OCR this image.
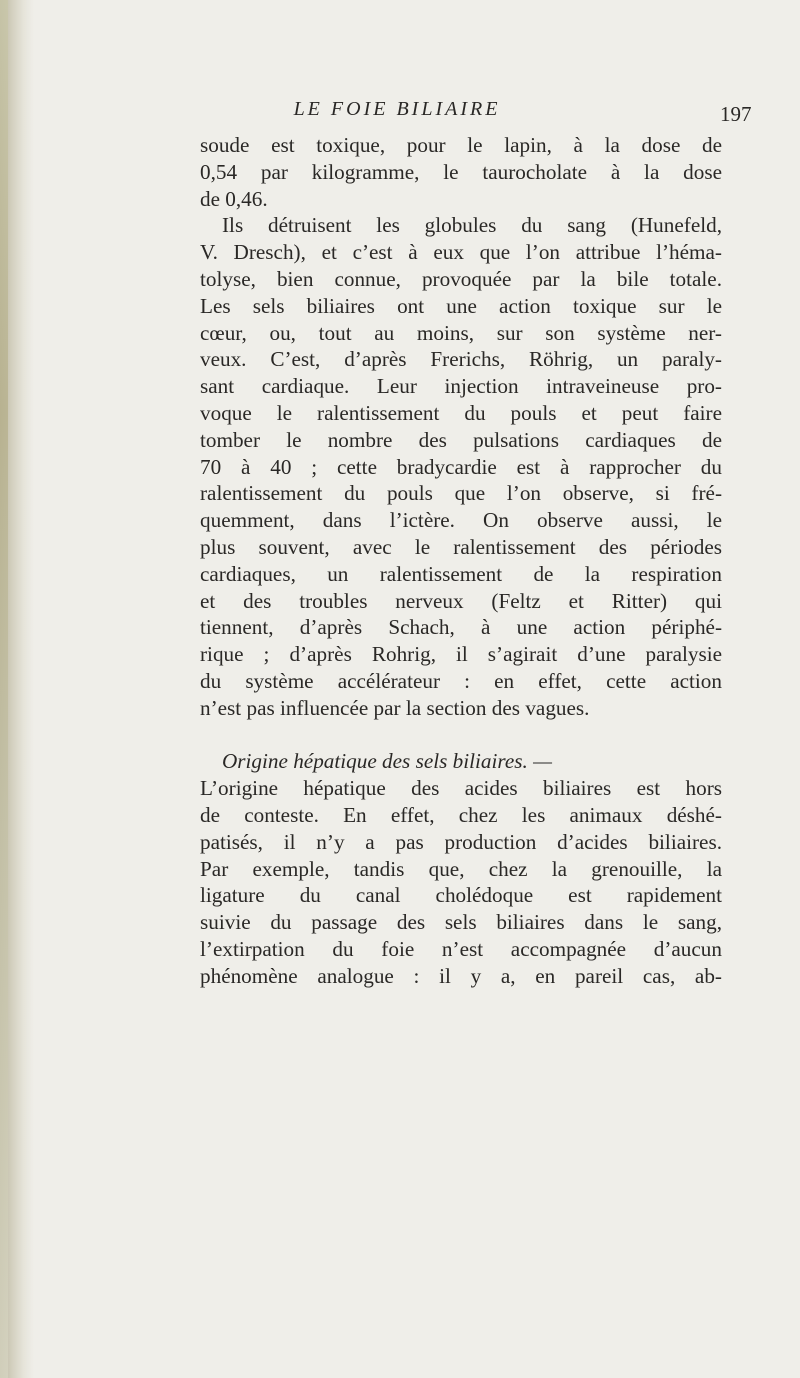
LE FOIE BILIAIRE	197
soude est toxique, pour le lapin, à la dose de
0,54 par kilogramme, le taurocholate à la dose
de 0,46.
Ils détruisent les globules du sang (Hunefeld,
V. Dresch), et c’est à eux que l’on attribue l’héma-
tolyse, bien connue, provoquée par la bile totale.
Les sels biliaires ont une action toxique sur le
cœur, ou, tout au moins, sur son système ner-
veux. C’est, d’après Frerichs, Röhrig, un paraly-
sant cardiaque. Leur injection intraveineuse pro-
voque le ralentissement du pouls et peut faire
tomber le nombre des pulsations cardiaques de
70 à 40 ; cette bradycardie est à rapprocher du
ralentissement du pouls que l’on observe, si fré-
quemment, dans l’ictère. On observe aussi, le
plus souvent, avec le ralentissement des périodes
cardiaques, un ralentissement de la respiration
et des troubles nerveux (Feltz et Ritter) qui
tiennent, d’après Schach, à une action périphé-
rique ; d’après Rohrig, il s’agirait d’une paralysie
du système accélérateur : en effet, cette action
n’est pas influencée par la section des vagues.
Origine hépatique des sels biliaires. —
L’origine hépatique des acides biliaires est hors
de conteste. En effet, chez les animaux déshé-
patisés, il n’y a pas production d’acides biliaires.
Par exemple, tandis que, chez la grenouille, la
ligature du canal cholédoque est rapidement
suivie du passage des sels biliaires dans le sang,
l’extirpation du foie n’est accompagnée d’aucun
phénomène analogue : il y a, en pareil cas, ab-
